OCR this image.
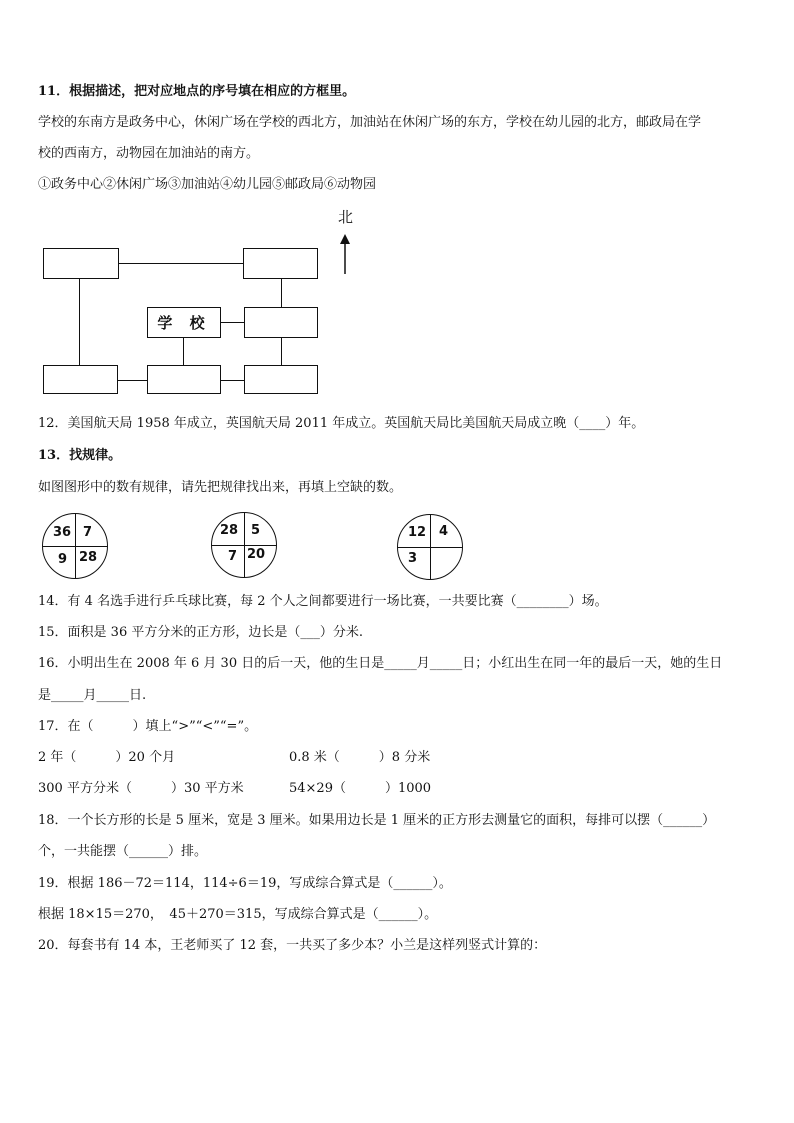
11．根据描述，把对应地点的序号填在相应的方框里。
学校的东南方是政务中心，休闲广场在学校的西北方，加油站在休闲广场的东方，学校在幼儿园的北方，邮政局在学
校的西南方，动物园在加油站的南方。
①政务中心②休闲广场③加油站④幼儿园⑤邮政局⑥动物园
学 校
北
12．美国航天局 1958 年成立，英国航天局 2011 年成立。英国航天局比美国航天局成立晚（____）年。
13．找规律。
如图图形中的数有规律，请先把规律找出来，再填上空缺的数。
36 7
9 28
28 5
7 20
12 4
3
14．有 4 名选手进行乒乓球比赛，每 2 个人之间都要进行一场比赛，一共要比赛（________）场。
15．面积是 36 平方分米的正方形，边长是（___）分米.
16．小明出生在 2008 年 6 月 30 日的后一天，他的生日是_____月_____日；小红出生在同一年的最后一天，她的生日
是_____月_____日.
17．在（　　　）填上“>”“<”“=”。
2 年（　　　）20 个月	0.8 米（　　　）8 分米
300 平方分米（　　　）30 平方米	54×29（　　　）1000
18．一个长方形的长是 5 厘米，宽是 3 厘米。如果用边长是 1 厘米的正方形去测量它的面积，每排可以摆（______）
个，一共能摆（______）排。
19．根据 186－72＝114，114÷6＝19，写成综合算式是（______）。
根据 18×15＝270，　45＋270＝315，写成综合算式是（______）。
20．每套书有 14 本，王老师买了 12 套，一共买了多少本？小兰是这样列竖式计算的：
